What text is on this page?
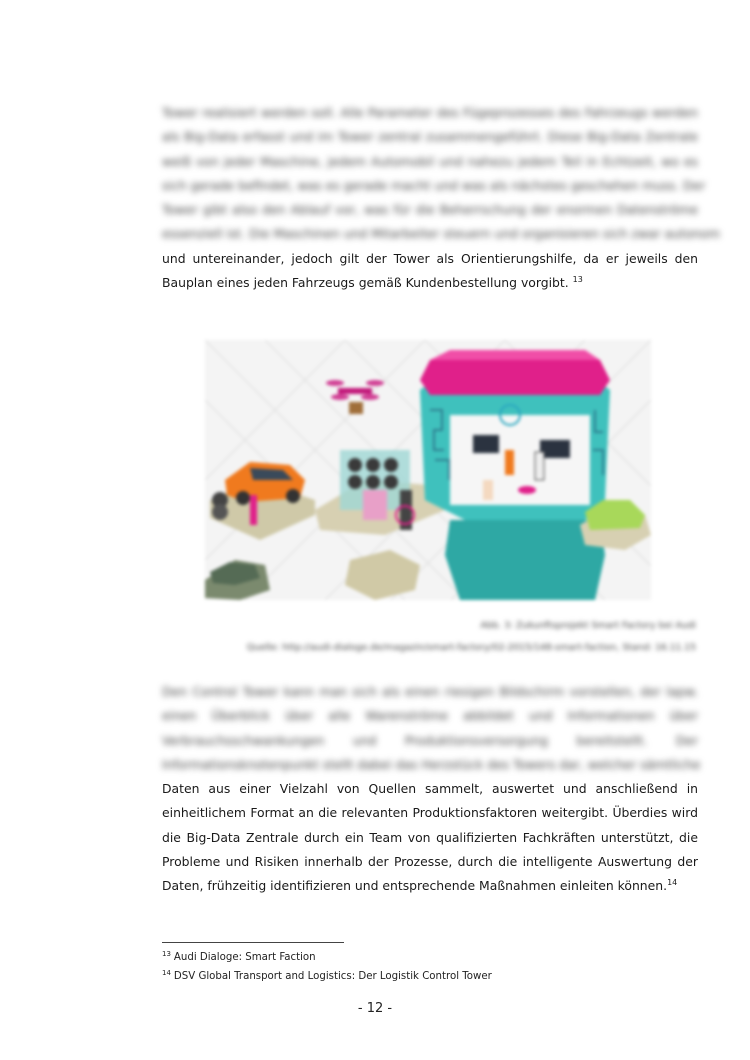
Tower realisiert werden soll. Alle Parameter des Fügeprozesses des Fahrzeugs werden
als Big-Data erfasst und im Tower zentral zusammengeführt. Diese Big-Data Zentrale
weiß von jeder Maschine, jedem Automobil und nahezu jedem Teil in Echtzeit, wo es
sich gerade befindet, was es gerade macht und was als nächstes geschehen muss. Der
Tower gibt also den Ablauf vor, was für die Beherrschung der enormen Datenströme
essenziell ist. Die Maschinen und Mitarbeiter steuern und organisieren sich zwar autonom
und untereinander, jedoch gilt der Tower als Orientierungshilfe, da er jeweils den
Bauplan eines jeden Fahrzeugs gemäß Kundenbestellung vorgibt. $^{13}$
Abb. 3: Zukunftsprojekt Smart Factory bei Audi
Quelle: http://audi-dialoge.de/magazin/smart-factory/02-2015/148-smart-faction, Stand: 16.11.15
Den Control Tower kann man sich als einen riesigen Bildschirm vorstellen, der lapw.
einen Überblick über alle Warenströme abbildet und Informationen über
Verbrauchsschwankungen und Produktionsversorgung bereitstellt. Der
Informationsknotenpunkt stellt dabei das Herzstück des Towers dar, welcher sämtliche
Daten aus einer Vielzahl von Quellen sammelt, auswertet und anschließend in
einheitlichem Format an die relevanten Produktionsfaktoren weitergibt. Überdies wird
die Big-Data Zentrale durch ein Team von qualifizierten Fachkräften unterstützt, die
Probleme und Risiken innerhalb der Prozesse, durch die intelligente Auswertung der
Daten, frühzeitig identifizieren und entsprechende Maßnahmen einleiten können.$^{14}$
$^{13}$ Audi Dialoge: Smart Faction
$^{14}$ DSV Global Transport and Logistics: Der Logistik Control Tower
- 12 -
